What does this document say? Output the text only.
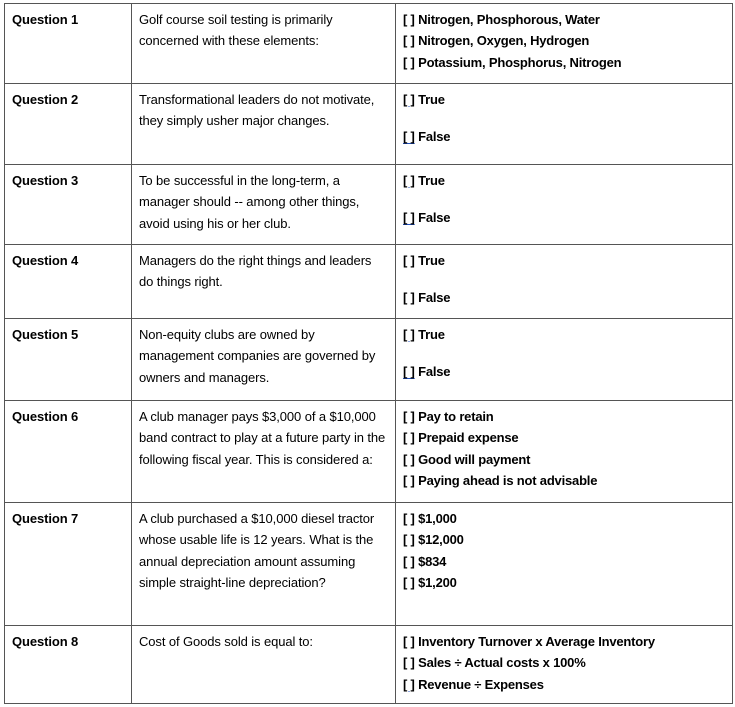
Question 1	Golf course soil testing is primarily concerned with these elements:	[ ] Nitrogen, Phosphorous, Water
[ ] Nitrogen, Oxygen, Hydrogen
[ ] Potassium, Phosphorus, Nitrogen

Question 2	Transformational leaders do not motivate, they simply usher major changes.	[ ] True
[ ] False

Question 3	To be successful in the long-term, a manager should -- among other things, avoid using his or her club.	[ ] True
[ ] False

Question 4	Managers do the right things and leaders do things right.	[ ] True
[ ] False

Question 5	Non-equity clubs are owned by management companies are governed by owners and managers.	[ ] True
[ ] False

Question 6	A club manager pays $3,000 of a $10,000 band contract to play at a future party in the following fiscal year. This is considered a:	[ ] Pay to retain
[ ] Prepaid expense
[ ] Good will payment
[ ] Paying ahead is not advisable

Question 7	A club purchased a $10,000 diesel tractor whose usable life is 12 years. What is the annual depreciation amount assuming simple straight-line depreciation?	[ ] $1,000
[ ] $12,000
[ ] $834
[ ] $1,200

Question 8	Cost of Goods sold is equal to:	[ ] Inventory Turnover x Average Inventory
[ ] Sales ÷ Actual costs x 100%
[ ] Revenue ÷ Expenses
